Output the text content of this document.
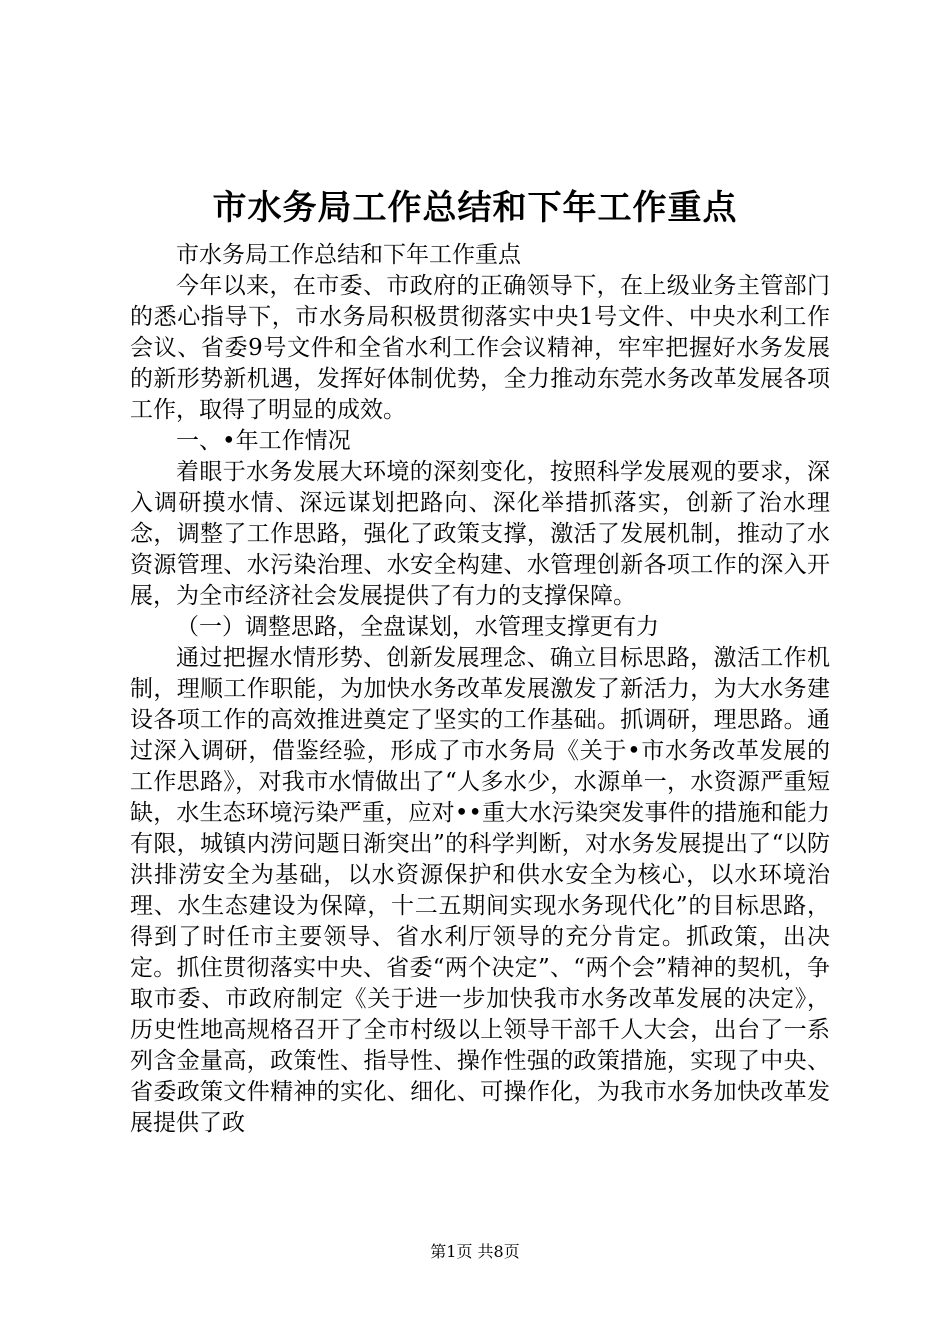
市水务局工作总结和下年工作重点

市水务局工作总结和下年工作重点

今年以来，在市委、市政府的正确领导下，在上级业务主管部门的悉心指导下，市水务局积极贯彻落实中央1号文件、中央水利工作会议、省委9号文件和全省水利工作会议精神，牢牢把握好水务发展的新形势新机遇，发挥好体制优势，全力推动东莞水务改革发展各项工作，取得了明显的成效。

一、•年工作情况

着眼于水务发展大环境的深刻变化，按照科学发展观的要求，深入调研摸水情、深远谋划把路向、深化举措抓落实，创新了治水理念，调整了工作思路，强化了政策支撑，激活了发展机制，推动了水资源管理、水污染治理、水安全构建、水管理创新各项工作的深入开展，为全市经济社会发展提供了有力的支撑保障。

（一）调整思路，全盘谋划，水管理支撑更有力

通过把握水情形势、创新发展理念、确立目标思路，激活工作机制，理顺工作职能，为加快水务改革发展激发了新活力，为大水务建设各项工作的高效推进奠定了坚实的工作基础。抓调研，理思路。通过深入调研，借鉴经验，形成了市水务局《关于•市水务改革发展的工作思路》，对我市水情做出了“人多水少，水源单一，水资源严重短缺，水生态环境污染严重，应对••重大水污染突发事件的措施和能力有限，城镇内涝问题日渐突出”的科学判断，对水务发展提出了“以防洪排涝安全为基础，以水资源保护和供水安全为核心，以水环境治理、水生态建设为保障，十二五期间实现水务现代化”的目标思路，得到了时任市主要领导、省水利厅领导的充分肯定。抓政策，出决定。抓住贯彻落实中央、省委“两个决定”、“两个会”精神的契机，争取市委、市政府制定《关于进一步加快我市水务改革发展的决定》，历史性地高规格召开了全市村级以上领导干部千人大会，出台了一系列含金量高，政策性、指导性、操作性强的政策措施，实现了中央、省委政策文件精神的实化、细化、可操作化，为我市水务加快改革发展提供了政

第1页 共8页
